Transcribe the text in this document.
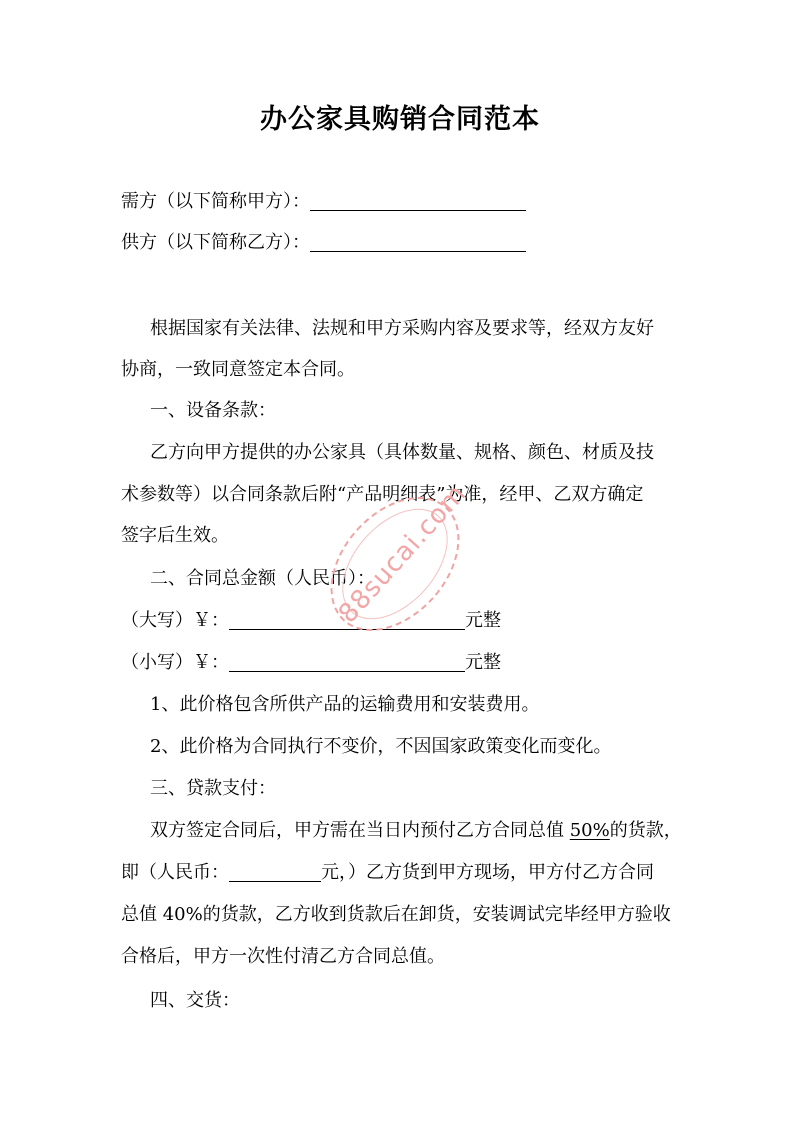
办公家具购销合同范本
需方（以下简称甲方）：
供方（以下简称乙方）：
根据国家有关法律、法规和甲方采购内容及要求等，经双方友好
协商，一致同意签定本合同。
一、设备条款：
乙方向甲方提供的办公家具（具体数量、规格、颜色、材质及技
术参数等）以合同条款后附“产品明细表”为准，经甲、乙双方确定
签字后生效。
二、合同总金额（人民币）：
（大写）￥：	元整
（小写）￥：	元整
1、此价格包含所供产品的运输费用和安装费用。
2、此价格为合同执行不变价，不因国家政策变化而变化。
三、贷款支付：
双方签定合同后，甲方需在当日内预付乙方合同总值 50%的货款，
即（人民币：	元，）乙方货到甲方现场，甲方付乙方合同
总值 40%的货款，乙方收到货款后在卸货，安装调试完毕经甲方验收
合格后，甲方一次性付清乙方合同总值。
四、交货：
88sucai.com
